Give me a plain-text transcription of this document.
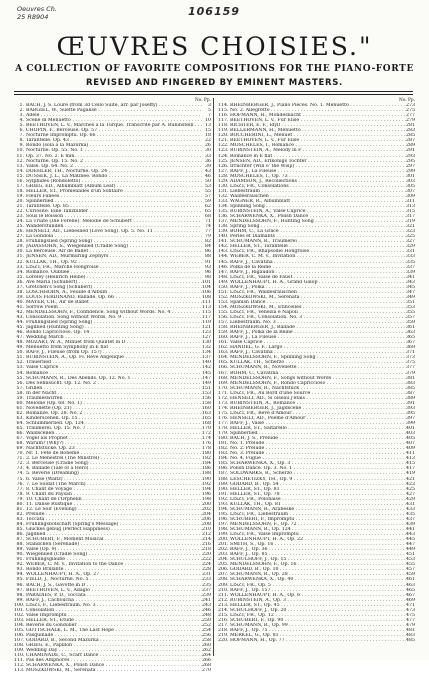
106159
Oeuvres Ch. 25 R8904
ŒUVRES CHOISIES."
A COLLECTION OF FAVORITE COMPOSITIONS FOR THE PIANO-FORTE
REVISED AND FINGERED BY EMINENT MASTERS.
No. Pp.
1. BACH, J. S. Loure (from 3d Cello Suite, arr. par Joseffy) . . .	3
2. BARGIEL, W., Suette Pagalise . . .	5
3. Adele . . .	7
4. Scene di Menuetto . . .	10
5. BEETHOVEN, L. v., Marches a la Turque. Transcrite par A. Rubinstein . . .	13
6. CHOPIN, F., Berceuse. Op. 57 . . .	15
7. Nocturne Impromptu. Op. 66 . . .	18
8. Tarantelle. Op. 43 . . .	22
9. Rondo (sola a la Mazurka) . . .	26
10. Nocturne. Op. 55. No. 1 . . .	30
11. Op. 37. No. 2. E min. . . .	33
12. Nocturne. Op. 15. No. 2 . . .	36
13. Valse. Op. 64. No. 2 . . .	39
14. DOEHLER, TH., Nocturne. Op. 24 . . .	43
15. DUSSEK, J. L., La Matinee. Rondo . . .	46
16. Sylphides (Rondoletto) . . .	50
17. GRIEG, ED., Albumblatt (Album Leaf) . . .	53
18. HELLER, ST., Promenades d'un Solitaire . . .	55
19. Fleurs Fanees . . .	57
20. Spinnerlied . . .	59
21. Tarantelle. Op. 85 . . .	62
22. Curiosite. Eine Tanzbilder . . .	65
23. Sous le Boisson . . .	68
24. La Truite (Die Forelle). Melodie de Schubert . . .	71
25. Wanderstunden . . .	74
26. HENSELT, AD., Liebeslied (Love Song). Op. 5. No. 11 . . .	77
27. La Gondola . . .	79
28. Frühlingslied (Spring Song) . . .	82
29. JADASSOHN, S., Wiegenlied (Cradle Song) . . .	84
30. La Berceuse. Air de Ballet . . .	86
31. JENSEN, AD., Murmuring Zephyrs . . .	88
32. KÜLLAK, TH., Op. 92 . . .	91
33. LISZT, FR., Marche Hongroise . . .	93
34. Romance. Oubliee . . .	96
35. Loreley (Heinrich Heine) . . .	98
36. Ave Maria (Schubert) . . .	101
37. Gretchen's Song (Schubert) . . .	104
38. LÖSCHHORN, A., Feuille d'Album . . .	106
39. LOUIS FERDINAND, Ballade. Op. 66 . . .	108
40. MAYER, CH., Air de Ballet . . .	111
41. Sorrow Poem . . .	113
42. MENDELSSOHN, F., Confidence. Song without Words. No. 4 . . .	115
43. Consolation. Song without Words. No. 9 . . .	117
44. Frühlingslied (Spring Song) . . .	119
45. Jagdlied (Hunting Song) . . .	121
46. Rondo Capriccioso. Op. 14 . . .	123
47. Wedding March . . .	127
48. MOZART, W. A., Minuet from Quintet in D . . .	130
49. Menuetto from Symphony in E flat . . .	132
50. RAFF, J., Fileuse (from Op. 157) . . .	134
51. RUBINSTEIN, A., Op. Fl. Rêve Angelique . . .	137
52. Trauerlied . . .	140
53. Valse Caprice . . .	142
54. Romance . . .	145
55. SCHUMANN, R., Des Abends. Op. 12. No. 1 . . .	147
56. Des Sehnsucht. Op. 12. No. 2 . . .	149
57. Grillen . . .	151
58. In der Nacht . . .	153
59. Traumeswirren . . .	156
60. Melodie (Op. 68. No. 1) . . .	158
61. Novellette (Op. 21) . . .	160
62. Romanze. Op. 28. No. 2 . . .	163
63. Kinderscenen. Op. 15 . . .	165
64. Schlummerlied. Op. 124 . . .	168
65. Träumerei. Op. 15. No. 7 . . .	170
66. Waldscenen . . .	172
67. Vogel als Prophet . . .	174
68. Warum? (Why?) . . .	176
69. Nachtstücke. Op. 23 . . .	178
70. Nr. 1. Fete de Boheme . . .	180
71. 2. Le Menestrel (The Minstrel) . . .	182
72. 3. Berceuse (Cradle Song) . . .	184
73. 4. Ballade (Tale of a Hero) . . .	186
74. 5. Rêverie (Dreaming) . . .	188
75. 6. Valse (Waltz) . . .	190
76. 7. Le Soldat (The March) . . .	192
77. 8. Chant de Voyage . . .	194
78. 9. Chant du Paysan . . .	196
79. 10. Chant de l'Orphelin . . .	198
80. 11. Danse Rustique . . .	200
81. 12. Le Soir (Evening) . . .	202
82. Prélude . . .	204
83. Toccata . . .	206
84. Frühlingsbotschaft (Spring's Message) . . .	208
85. Glückes genug (Perfect Happiness) . . .	210
86. Jagdlied . . .	212
87. SCHUBERT, F., Moment Musical . . .	214
88. Ständchen (Serenade) . . .	216
89. Valse (Op. 9) . . .	218
90. Wiegenlied (Cradle Song) . . .	220
91. Frühlingsglaube . . .	222
92. WEBER, C. M. v., Invitation to the Dance . . .	224
93. Rondo Brillante . . .	228
94. WOLLENHAUPT, H. A., Op. 27 . . .	231
95. FIELD, J., Nocturne. No. 5 . . .	233
96. BACH, J. S., Gavotte in D . . .	235
97. BEETHOVEN, L. v., Adagio . . .	237
98. PARADIES, P. D., Toccata . . .	239
99. RAFF, J., Cachoucha . . .	241
100. LISZT, F., Liebestraum. No. 3 . . .	243
101. Consolation . . .	246
102. Valse Impromptu . . .	248
103. HELLER, ST., Etude . . .	250
104. Reverie du Gondolier . . .	252
105. GOTTSCHALK, L. M., The Last Hope . . .	254
106. Pasquinade . . .	256
107. GODARD, B., Second Mazurka . . .	258
108. GRIEG, E., Papillon . . .	260
109. Wedding Day . . .	262
110. CHAMINADE, C., Scarf Dance . . .	264
111. Pas des Amphores . . .	266
112. SCHARWENKA, X., Polish Dance . . .	268
113. MOSZKOWSKI, M., Serenata . . .	270
No. Pp.
114. RHEINBERGER, J., Piano Pieces. No. 1. Menuetto . . .	273
115. No. 2. Allegretto . . .	275
116. HOFMANN, H., Mondesnacht . . .	277
117. BEETHOVEN, L. v., Für Elise . . .	279
118. RICHTER, E. F., Idyll . . .	281
119. BELLERMANN, H., Menuetto . . .	283
120. BOCCHERINI, L., Menuet . . .	285
121. BEETHOVEN, L. v., Für Elise . . .	287
122. MOSCHELES, I., Romance . . .	289
123. RUBINSTEIN, A., Melody in F . . .	291
124. Romance in E flat . . .	293
125. JENSEN, AD., Erlkönigs Tochter . . .	295
126. Irrlichter (Will o' the Wisp) . . .	297
127. RAFF, J., La Fileuse . . .	299
128. MOSCHELES, I., Op. 73 . . .	301
129. ADAMSON, J., Recollections . . .	303
130. LISZT, FR., Consolations . . .	305
131. Liebestraum . . .	307
132. Waldesrauschen . . .	309
133. WAGNER, R., Albumblatt . . .	311
134. Spinning Song . . .	313
135. RUBINSTEIN, A., Valse Caprice . . .	315
136. SCHARWENKA, X., Polish Dance . . .	317
137. MENDELSSOHN, F., Hunting Song . . .	319
138. Spring Song . . .	321
139. BOHM, C., La Grâce . . .	323
140. Perles et Diamants . . .	325
141. SCHUMANN, R., Traumerei . . .	327
142. HELLER, ST., Tarantelle . . .	329
143. LISZT, FR., Rhapsodie Hongroise . . .	331
144. WEBER, C. M. v., Invitation . . .	333
145. RAFF, J., Cavatina . . .	335
146. Polka de la Reine . . .	337
147. RAFF, J., Rigaudon . . .	339
148. LISZT, FR., Valse de Faust . . .	341
149. WOLLENHAUPT, H. A., Grand Galop . . .	343
150. RAFF, J., Polka . . .	345
151. LISZT, FR., Waldesrauschen . . .	347
152. MOSZKOWSKI, M., Serenata . . .	349
153. Spanish Dance . . .	351
154. MOSZKOWSKI, M., Etincelles . . .	353
155. LISZT, FR., Venezia e Napoli . . .	355
156. LISZT, FR., Consolation. No. 3 . . .	357
157. Liebestraum. No. 3 . . .	359
158. RHEINBERGER, J., Ballade . . .	361
159. RAFF, J., Polka de la Reine . . .	363
160. RAFF, J., La Fileuse . . .	365
161. Valse Caprice . . .	367
162. HANDEL, G. F., Largo . . .	369
163. RAFF, J., Cavatina . . .	371
164. MENDELSSOHN, F., Spinning Song . . .	373
165. KULLAK, TH., Scherzo . . .	375
166. SCHUMANN, R., Novellette . . .	377
167. BOHM, C., Cavatina . . .	379
168. MENDELSSOHN, F., Songs without Words . . .	381
169. MENDELSSOHN, F., Rondo Capriccioso . . .	383
170. SCHUMANN, R., Nachtstück . . .	385
171. LISZT, FR., Au Bord d'une Source . . .	387
172. HENSELT, AD., Si oiseau j'étais . . .	389
173. RUBINSTEIN, A., Romance . . .	391
174. RHEINBERGER, J., Jagdscene . . .	393
175. LISZT, FR., Rêve d'Amour . . .	395
176. HENSELT, AD., Poeme d'Amour . . .	397
177. RAFF, J., Valse . . .	399
178. HELLER, ST., Saltarello . . .	401
179. Spinnerlied . . .	403
180. BACH, J. S., Prelude . . .	405
181. No. 1. Prelude . . .	407
182. No. 2. Prelude . . .	409
183. No. 3. Prelude . . .	411
184. No. 4. Fugue . . .	413
185. SCHARWENKA, X., Op. 3 . . .	415
186. Polish Dance. Op. 3. No. 1 . . .	417
187. SOLDWARKS, R., Scherzo . . .	419
188. LESCHETIZKY, TH., Op. 9 . . .	421
189. GODARD, B., Op. 54 . . .	423
190. HELLER, ST., Op. 81 . . .	425
191. HELLER, ST., Op. 78 . . .	427
192. LISZT, FR., Polonaise . . .	429
193. KULLAK, TH., Op. 81 . . .	431
194. SCHUMANN, R., Arabeske . . .	433
195. LISZT, FR., Liebestraum . . .	435
196. SCHUBERT, F., Impromptu . . .	437
197. MENDELSSOHN, F., Op. 72 . . .	439
198. SCHUMANN, R., Op. 124 . . .	441
199. LISZT, FR., Valse Impromptu . . .	443
200. WOLLENHAUPT, H. A., Op. 22 . . .	445
201. SMITH, S., Op. 16 . . .	447
202. RAFF, J., Op. 36 . . .	449
203. RAFF, J., Op. 85 . . .	451
204. SCHULHOFF, J., Op. 15 . . .	453
205. MENDELSSOHN, F., Op. 16 . . .	455
206. GODARD, B., Op. 10 . . .	457
207. SCHUMANN, R., Op. 28 . . .	459
208. SCHARWENKA, X., Op. 40 . . .	461
209. LISZT, FR., Op. 5 . . .	463
210. RAFF, J., Op. 157 . . .	465
211. WOLLENHAUPT, H. A., Op. 6 . . .	467
212. RUBINSTEIN, A., Op. 3 . . .	469
213. HELLER, ST., Op. 45 . . .	471
214. SCHULHOFF, J., Op. 20 . . .	473
215. LISZT, FR., Op. 12 . . .	475
216. SCHUBERT, F., Op. 90 . . .	477
217. SCHUMANN, R., Op. 99 . . .	479
218. RAFF, J., Op. 75 . . .	481
219. MERKEL, G., Op. 81 . . .	483
220. HOFMANN, H., Op. 77 . . .	485
